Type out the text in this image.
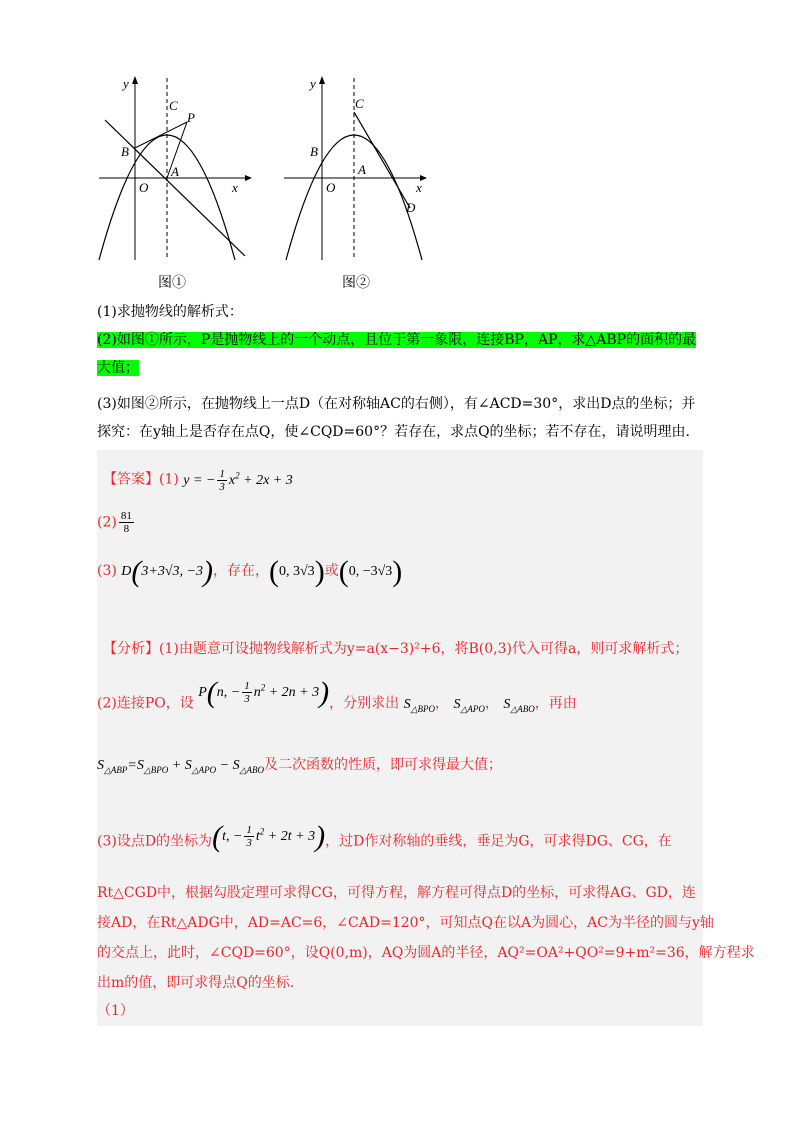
y
x
C
P
B
O
A
图①
y
x
C
B
O
A
D
图②
(1)求抛物线的解析式：
(2)如图①所示，P是抛物线上的一个动点，且位于第一象限，连接BP，AP，求△ABP的面积的最
大值；
(3)如图②所示，在抛物线上一点D（在对称轴AC的右侧），有∠ACD=30°，求出D点的坐标；并
探究：在y轴上是否存在点Q，使∠CQD=60°？若存在，求点Q的坐标；若不存在，请说明理由.
【答案】(1) y = − $\frac{1}{3} x^2 + 2x + 3$
$(2) \frac{81}{8}$
(3) D(3+3√3, −3)，存在，(0, 3√3)或(0, −3√3)
【分析】(1)由题意可设抛物线解析式为y=a(x−3)²+6，将B(0,3)代入可得a，则可求解析式；
(2)连接PO，设 P(n, − $\frac{1}{3} n^2 + 2n + 3$)，分别求出 $S_{\triangle BPO}$， $S_{\triangle APO}$， $S_{\triangle ABO}$，再由
$S_{\triangle ABP}=S_{\triangle BPO} + S_{\triangle APO} - S_{\triangle ABO}$及二次函数的性质，即可求得最大值；
(3)设点D的坐标为(t, − $\frac{1}{3} t^2 + 2t + 3$)，过D作对称轴的垂线，垂足为G，可求得DG、CG，在
Rt△CGD中，根据勾股定理可求得CG，可得方程，解方程可得点D的坐标，可求得AG、GD，连
接AD，在Rt△ADG中，AD=AC=6，∠CAD=120°，可知点Q在以A为圆心，AC为半径的圆与y轴
的交点上，此时，∠CQD=60°，设Q(0,m)，AQ为圆A的半径，AQ²=OA²+QO²=9+m²=36，解方程求
出m的值，即可求得点Q的坐标.
（1）
